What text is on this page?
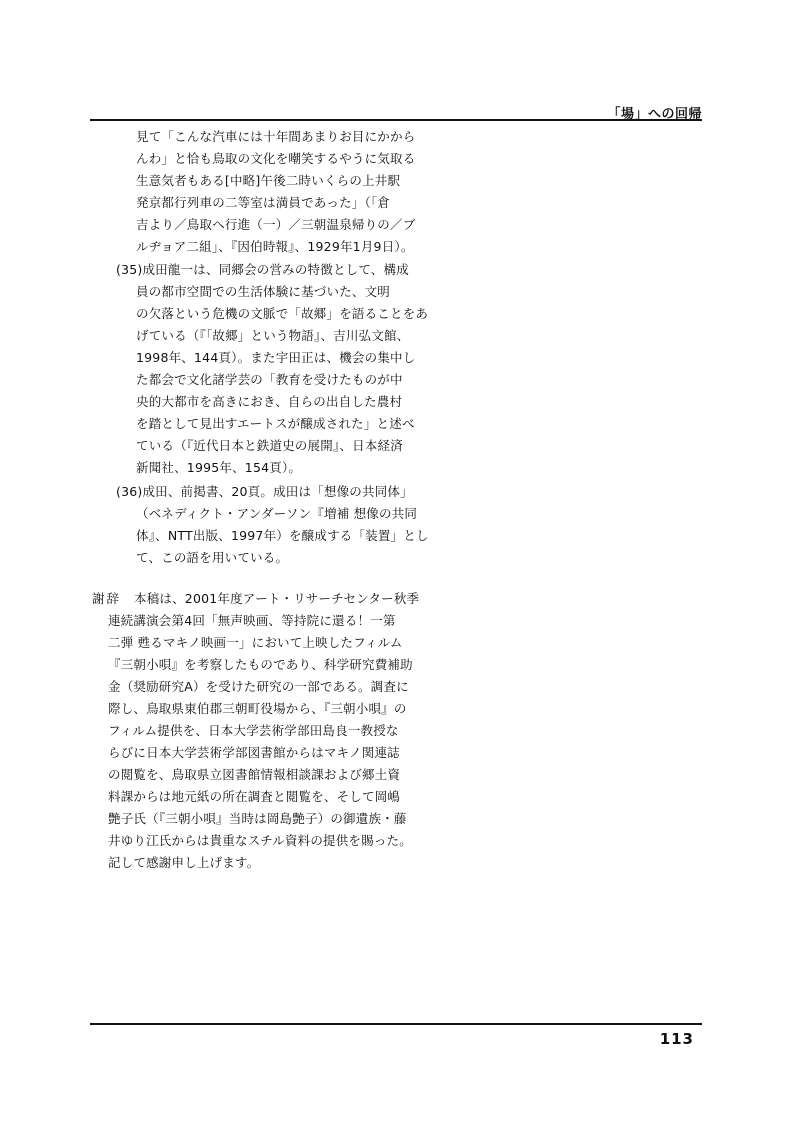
「場」への回帰
見て「こんな汽車には十年間あまりお目にかから
んわ」と恰も鳥取の文化を嘲笑するやうに気取る
生意気者もある[中略]午後二時いくらの上井駅
発京都行列車の二等室は満員であった」（「倉
吉より／鳥取へ行進（一）／三朝温泉帰りの／ブ
ルヂョア二組」、『因伯時報』、1929年1月9日）。
(35)成田龍一は、同郷会の営みの特徴として、構成
員の都市空間での生活体験に基づいた、文明
の欠落という危機の文脈で「故郷」を語ることをあ
げている（『「故郷」という物語』、吉川弘文館、
1998年、144頁）。また宇田正は、機会の集中し
た都会で文化諸学芸の「教育を受けたものが中
央的大都市を高きにおき、自らの出自した農村
を踏として見出すエートスが醸成された」と述べ
ている（『近代日本と鉄道史の展開』、日本経済
新聞社、1995年、154頁）。
(36)成田、前掲書、20頁。成田は「想像の共同体」
（ベネディクト・アンダーソン『増補 想像の共同
体』、NTT出版、1997年）を醸成する「装置」とし
て、この語を用いている。
謝辞 本稿は、2001年度アート・リサーチセンター秋季
連続講演会第4回「無声映画、等持院に還る！一第
二弾 甦るマキノ映画一」において上映したフィルム
『三朝小唄』を考察したものであり、科学研究費補助
金（奨励研究A）を受けた研究の一部である。調査に
際し、鳥取県東伯郡三朝町役場から、『三朝小唄』の
フィルム提供を、日本大学芸術学部田島良一教授な
らびに日本大学芸術学部図書館からはマキノ関連誌
の閲覧を、鳥取県立図書館情報相談課および郷土資
料課からは地元紙の所在調査と閲覧を、そして岡嶋
艶子氏（『三朝小唄』当時は岡島艶子）の御遺族・藤
井ゆり江氏からは貴重なスチル資料の提供を賜った。
記して感謝申し上げます。
113
